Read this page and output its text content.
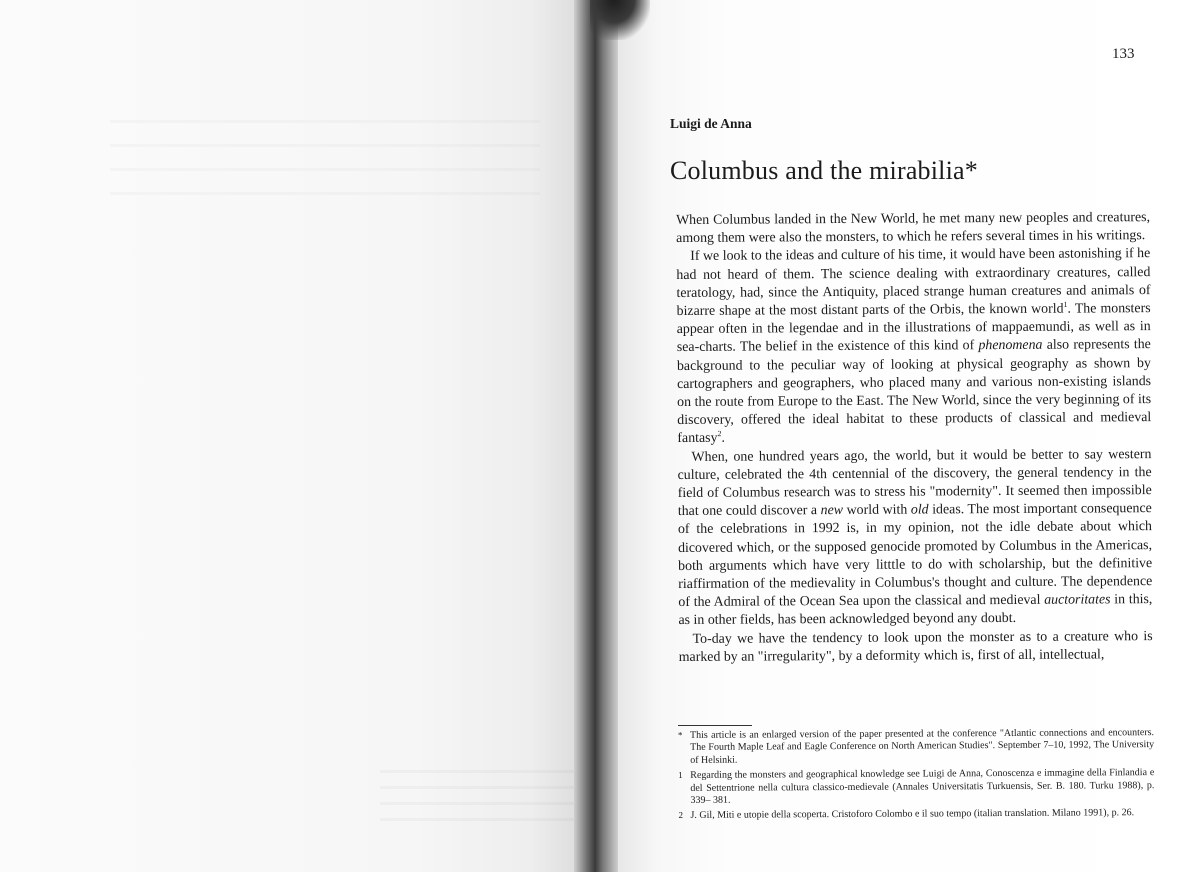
133
Luigi de Anna
Columbus and the mirabilia*

When Columbus landed in the New World, he met many new peoples and creatures, among them were also the monsters, to which he refers several times in his writings.

If we look to the ideas and culture of his time, it would have been astonishing if he had not heard of them. The science dealing with extraordinary creatures, called teratology, had, since the Antiquity, placed strange human creatures and animals of bizarre shape at the most distant parts of the Orbis, the known world$^1$. The monsters appear often in the legendae and in the illustrations of mappaemundi, as well as in sea-charts. The belief in the existence of this kind of phenomena also represents the background to the peculiar way of looking at physical geography as shown by cartographers and geographers, who placed many and various non-existing islands on the route from Europe to the East. The New World, since the very beginning of its discovery, offered the ideal habitat to these products of classical and medieval fantasy$^2$.

When, one hundred years ago, the world, but it would be better to say western culture, celebrated the 4th centennial of the discovery, the general tendency in the field of Columbus research was to stress his "modernity". It seemed then impossible that one could discover a new world with old ideas. The most important consequence of the celebrations in 1992 is, in my opinion, not the idle debate about which dicovered which, or the supposed genocide promoted by Columbus in the Americas, both arguments which have very litttle to do with scholarship, but the definitive riaffirmation of the medievality in Columbus's thought and culture. The dependence of the Admiral of the Ocean Sea upon the classical and medieval auctoritates in this, as in other fields, has been acknowledged beyond any doubt.

To-day we have the tendency to look upon the monster as to a creature who is marked by an "irregularity", by a deformity which is, first of all, intellectual,

* This article is an enlarged version of the paper presented at the conference "Atlantic connections and encounters. The Fourth Maple Leaf and Eagle Conference on North American Studies". September 7–10, 1992, The University of Helsinki.

1 Regarding the monsters and geographical knowledge see Luigi de Anna, Conoscenza e immagine della Finlandia e del Settentrione nella cultura classico-medievale (Annales Universitatis Turkuensis, Ser. B. 180. Turku 1988), p. 339– 381.

2 J. Gil, Miti e utopie della scoperta. Cristoforo Colombo e il suo tempo (italian translation. Milano 1991), p. 26.
